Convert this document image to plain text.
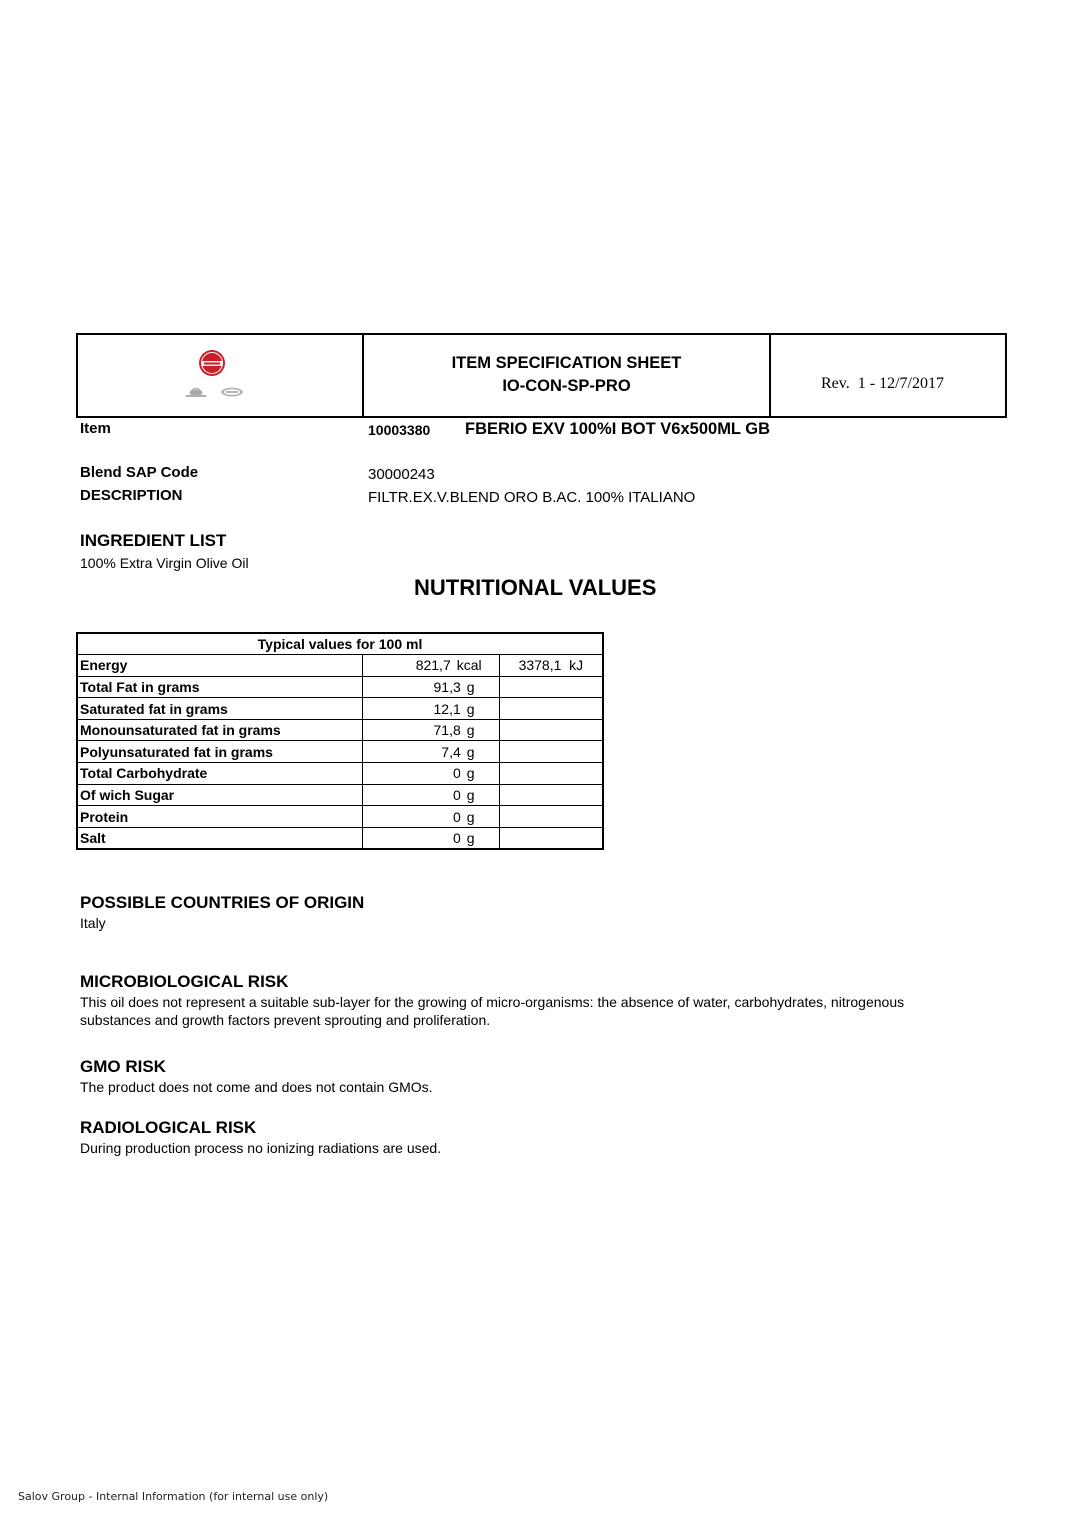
ITEM SPECIFICATION SHEET
IO-CON-SP-PRO	Rev.  1 - 12/7/2017
Item	10003380 FBERIO EXV 100%I BOT V6x500ML GB
Blend SAP Code	30000243
DESCRIPTION	FILTR.EX.V.BLEND ORO B.AC. 100% ITALIANO
INGREDIENT LIST
100% Extra Virgin Olive Oil
NUTRITIONAL VALUES
Typical values for 100 ml		
Energy	821,7 kcal	3378,1  kJ
Total Fat in grams	91,3 g	

Saturated fat in grams	12,1 g	

Monounsaturated fat in grams	71,8 g	

Polyunsaturated fat in grams	7,4 g	

Total Carbohydrate	0 g	

Of wich Sugar	0 g	

Protein	0 g	

Salt	0 g	

POSSIBLE COUNTRIES OF ORIGIN
Italy
MICROBIOLOGICAL RISK
This oil does not represent a suitable sub-layer for the growing of micro-organisms: the absence of water, carbohydrates, nitrogenous substances and growth factors prevent sprouting and proliferation.
GMO RISK
The product does not come and does not contain GMOs.
RADIOLOGICAL RISK
During production process no ionizing radiations are used.
Salov Group - Internal Information (for internal use only)
